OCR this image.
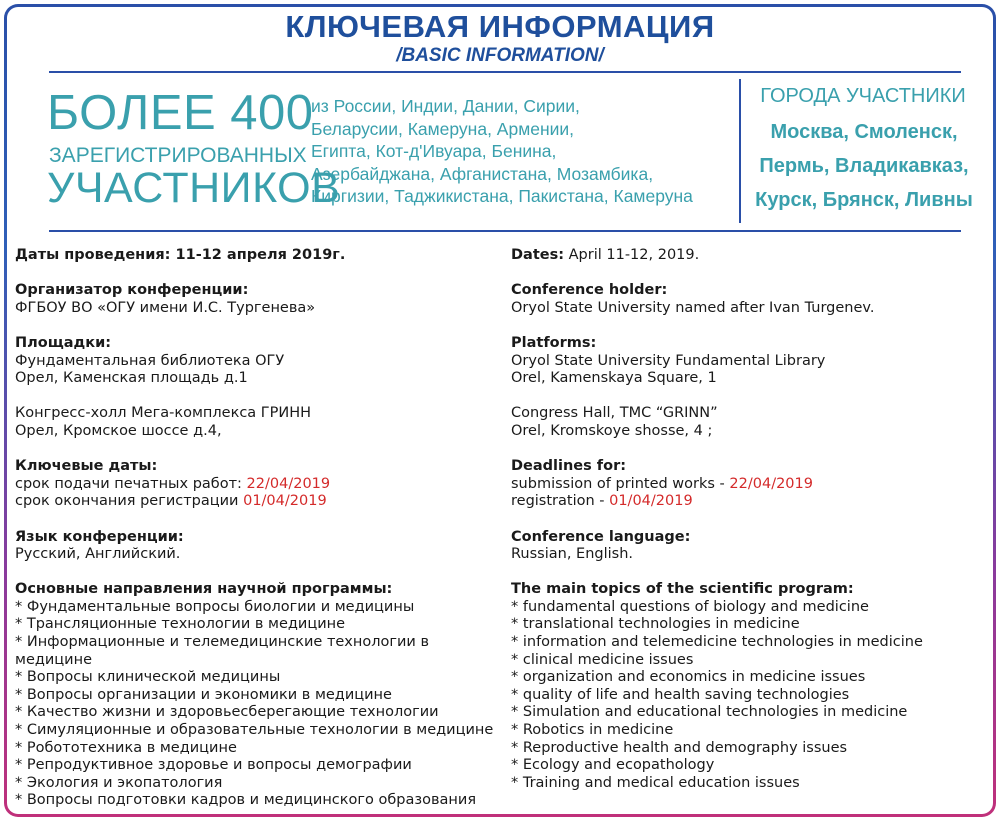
КЛЮЧЕВАЯ ИНФОРМАЦИЯ
/BASIC INFORMATION/
БОЛЕЕ 400
ЗАРЕГИСТРИРОВАННЫХ
УЧАСТНИКОВ
из России, Индии, Дании, Сирии,
Беларусии, Камеруна, Армении,
Египта, Кот-д'Ивуара, Бенина,
Азербайджана, Афганистана, Мозамбика,
Киргизии, Таджикистана, Пакистана, Камеруна
ГОРОДА УЧАСТНИКИ
Москва, Смоленск,
Пермь, Владикавказ,
Курск, Брянск, Ливны
Даты проведения: 11-12 апреля 2019г.
Организатор конференции:
ФГБОУ ВО «ОГУ имени И.С. Тургенева»
Площадки:
Фундаментальная библиотека ОГУ
Орел, Каменская площадь д.1
Конгресс-холл Мега-комплекса ГРИНН
Орел, Кромское шоссе д.4,
Ключевые даты:
срок подачи печатных работ: 22/04/2019
срок окончания регистрации 01/04/2019
Язык конференции:
Русский, Английский.
Основные направления научной программы:
* Фундаментальные вопросы биологии и медицины
* Трансляционные технологии в медицине
* Информационные и телемедицинские технологии в
медицине
* Вопросы клинической медицины
* Вопросы организации и экономики в медицине
* Качество жизни и здоровьесберегающие технологии
* Симуляционные и образовательные технологии в медицине
* Робототехника в медицине
* Репродуктивное здоровье и вопросы демографии
* Экология и экопатология
* Вопросы подготовки кадров и медицинского образования
Dates: April 11-12, 2019.
Conference holder:
Oryol State University named after Ivan Turgenev.
Platforms:
Oryol State University Fundamental Library
Orel, Kamenskaya Square, 1
Congress Hall, TMC “GRINN”
Orel, Kromskoye shosse, 4 ;
Deadlines for:
submission of printed works - 22/04/2019
registration - 01/04/2019
Conference language:
Russian, English.
The main topics of the scientific program:
* fundamental questions of biology and medicine
* translational technologies in medicine
* information and telemedicine technologies in medicine
* clinical medicine issues
* organization and economics in medicine issues
* quality of life and health saving technologies
* Simulation and educational technologies in medicine
* Robotics in medicine
* Reproductive health and demography issues
* Ecology and ecopathology
* Training and medical education issues
